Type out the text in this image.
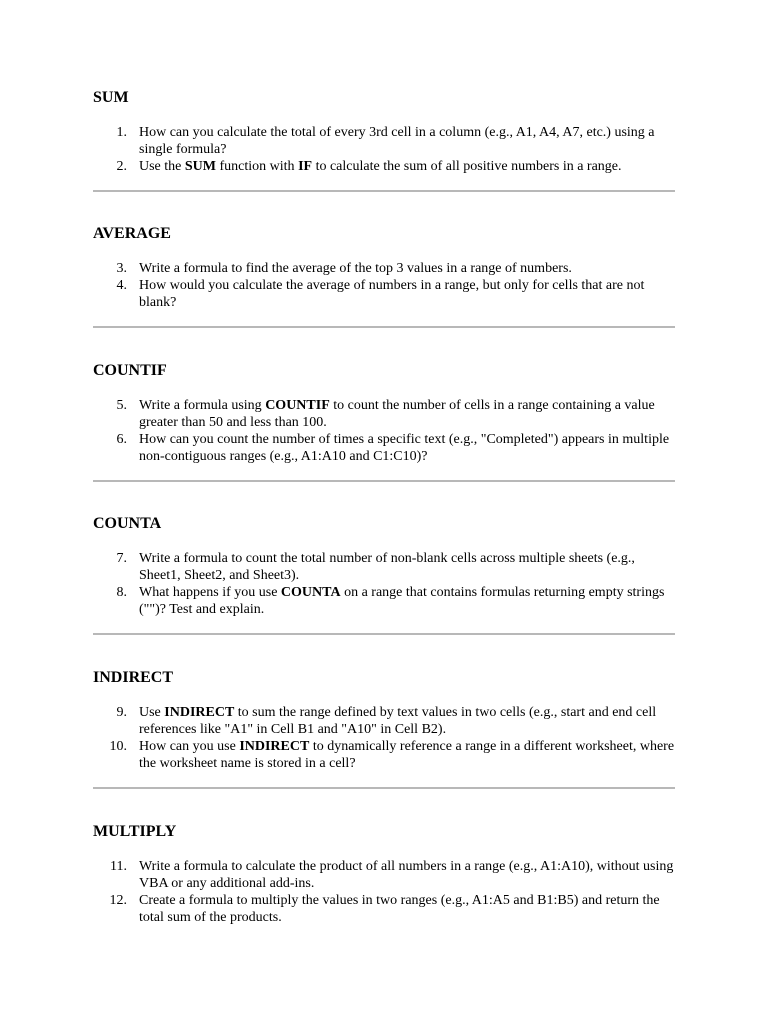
SUM
1. How can you calculate the total of every 3rd cell in a column (e.g., A1, A4, A7, etc.) using a single formula?
2. Use the SUM function with IF to calculate the sum of all positive numbers in a range.
AVERAGE
3. Write a formula to find the average of the top 3 values in a range of numbers.
4. How would you calculate the average of numbers in a range, but only for cells that are not blank?
COUNTIF
5. Write a formula using COUNTIF to count the number of cells in a range containing a value greater than 50 and less than 100.
6. How can you count the number of times a specific text (e.g., "Completed") appears in multiple non-contiguous ranges (e.g., A1:A10 and C1:C10)?
COUNTA
7. Write a formula to count the total number of non-blank cells across multiple sheets (e.g., Sheet1, Sheet2, and Sheet3).
8. What happens if you use COUNTA on a range that contains formulas returning empty strings ("")? Test and explain.
INDIRECT
9. Use INDIRECT to sum the range defined by text values in two cells (e.g., start and end cell references like "A1" in Cell B1 and "A10" in Cell B2).
10. How can you use INDIRECT to dynamically reference a range in a different worksheet, where the worksheet name is stored in a cell?
MULTIPLY
11. Write a formula to calculate the product of all numbers in a range (e.g., A1:A10), without using VBA or any additional add-ins.
12. Create a formula to multiply the values in two ranges (e.g., A1:A5 and B1:B5) and return the total sum of the products.
